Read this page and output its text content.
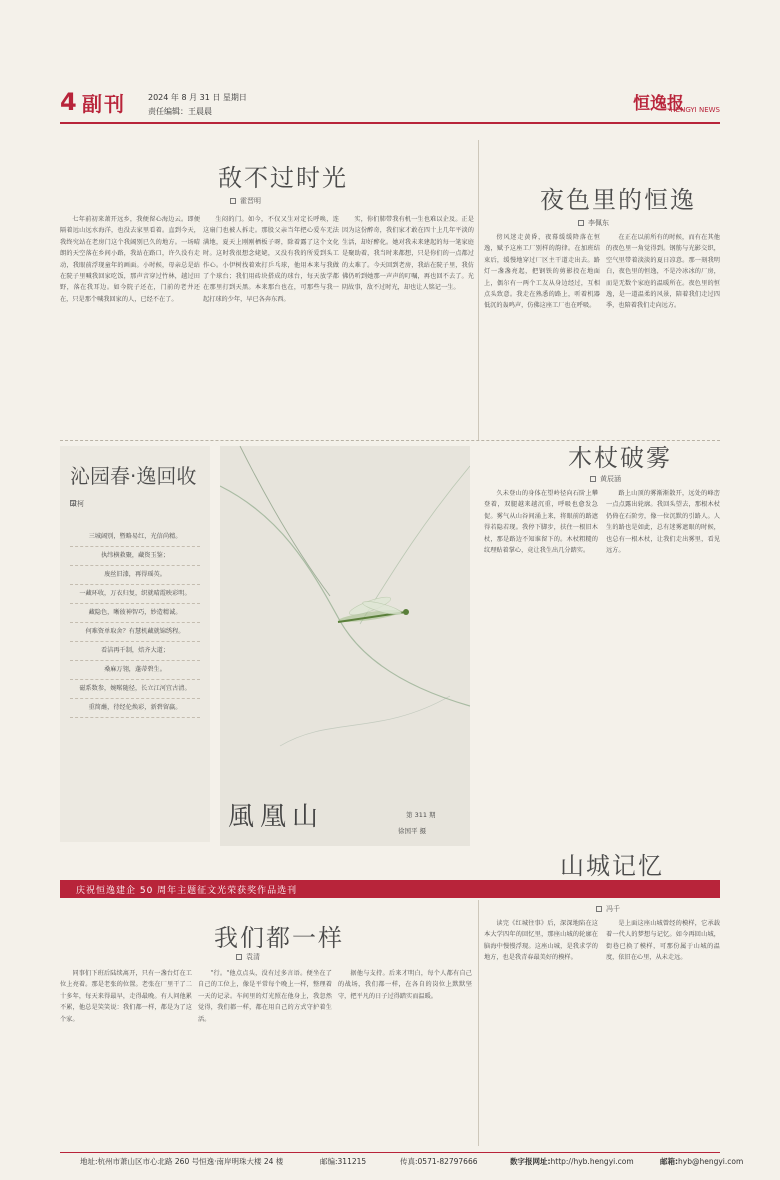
4 副刊	2024 年 8 月 31 日 星期日
责任编辑：王晨晨	恒逸报
HENGYI NEWS
敌不过时光
霍晋明

七年前初来萧开远乡，我便留心海边云。即便隔着远山远水海洋，也没去家里看着。直到今天，我终究站在老房门这个我阔别已久的地方。一场晴朗的天空落在乡间小路，我站在路口，许久没有走动，我眼前浮现童年的画面。小时候，母亲总是站在院子里喊我回家吃饭，那声音穿过竹林，越过田野，落在我耳边。如今院子还在，门前的老井还在，只是那个喊我回家的人，已经不在了。

生闷的门。如今，不仅又生对定长呼唤，连这扇门也被人拆走。那股父亲当年把心爱车无法满地，夏天上刚刚栖板子呀，除着露了这个文化时。这时我很想念姥姥，又没有我的所爱到头工作心。小伊树找着欢打乒乓球，他用本来与我做了个球台；我们用砖块搭成的球台，每天放学都在那里打到天黑。本来那台也在，可那些与我一起打球的少年，早已各奔东西。

实，你们肺带我有机一生也难以企及。正是因为这份醉奇，我们家才敢在四十上几年平淡的生活，却好醉化。她对我未来建起的每一笔家庭是聚助着，我当时来都想，只是你们的一点都过的太难了。今天回到老房，我站在院子里，我仿佛仍听到她那一声声的叮嘱，再也回不去了。光阴故事，敌不过时光，却也让人铭记一生。

夜色里的恒逸
李佩东

傍风迷走黄昏，夜幕缓缓降落在恒逸，赋予这座工厂别样的韵律。在加班结束后，缓慢地穿过厂区主干道走出去。路灯一盏盏亮起，把钢铁的剪影投在地面上，偶尔有一两个工友从身边经过，互相点头致意。我走在熟悉的路上，听着机器低沉的轰鸣声，仿佛这座工厂也在呼吸。

在正在以前所有的时候，而有在其他的夜色里一角觉得到。钢筋与光影交织，空气里带着淡淡的夏日凉意。那一刻我明白，夜色里的恒逸，不是冷冰冰的厂房，而是无数个家庭的温暖所在。夜色里的恒逸，是一道温柔的风景，陪着我们走过四季，也陪着我们走向远方。

沁园春·逸回收
宋柯
三城阔别，暨略易红，光信尚精。
执纬横救聚，藏资玉鉴；
废丝旧漆，再得瑶英。
一藏环收，万衣归复，织就晴霞映彩明。
藏隐色，晰彼神智巧，妙造精诚。
何难资单取舍？有慧机藏就锦绣程。
看洁再千制，焙齐大道；
桑麻万翎，蓬蒂碧生。
磁系数参，婉啭随径，长立江河宜古清。
重简蘸，待经伦焕彩，新碧留赢。
風凰山	第 311 期
徐国平 摄
木杖破雾
黄辰涵

久未登山的身体在望岭径向石阶上攀登着，双腿越来越沉重，呼吸也愈发急促。雾气从山谷间涌上来，将眼前的路遮得若隐若现。我停下脚步，扶住一根旧木杖，那是路边不知谁留下的。木杖粗糙的纹理贴着掌心，竟让我生出几分踏实。

路上山顶的雾渐渐散开，远处的峰峦一点点露出轮廓。我回头望去，那根木杖仍倚在石阶旁，像一位沉默的引路人。人生的路也是如此，总有迷雾遮眼的时候，也总有一根木杖，让我们走出雾里，看见远方。

庆祝恒逸建企 50 周年主题征文光荣获奖作品选刊
我们都一样
袁清

同事们下班后陆续离开，只有一盏台灯在工位上亮着。那是老张的位置。老张在厂里干了二十多年，每天来得最早，走得最晚。有人问他累不累，他总是笑笑说：我们都一样，都是为了这个家。

"行。"他点点头，没有过多言语。便坐在了自己的工位上，像是平常每个晚上一样，整理着一天的记录。车间里的灯光照在他身上，我忽然觉得，我们都一样，都在用自己的方式守护着生活。

据他与支持。后来才明白，每个人都有自己的战场，我们都一样，在各自的岗位上默默坚守，把平凡的日子过得踏实而温暖。

山城记忆
冯千

读完《红城往事》后，深深地陷在这本大学四年的回忆里，那座山城的轮廓在脑海中慢慢浮现。这座山城，是我求学的地方，也是我青春最美好的模样。

是上面这座山城曾经的模样，它承载着一代人的梦想与记忆。如今再回山城，街巷已换了模样，可那份属于山城的温度，依旧在心里，从未走远。

地址:杭州市萧山区市心北路 260 号恒逸·南岸明珠大楼 24 楼	邮编:311215	传真:0571-82797666	数字报网址:http://hyb.hengyi.com	邮箱:hyb@hengyi.com
